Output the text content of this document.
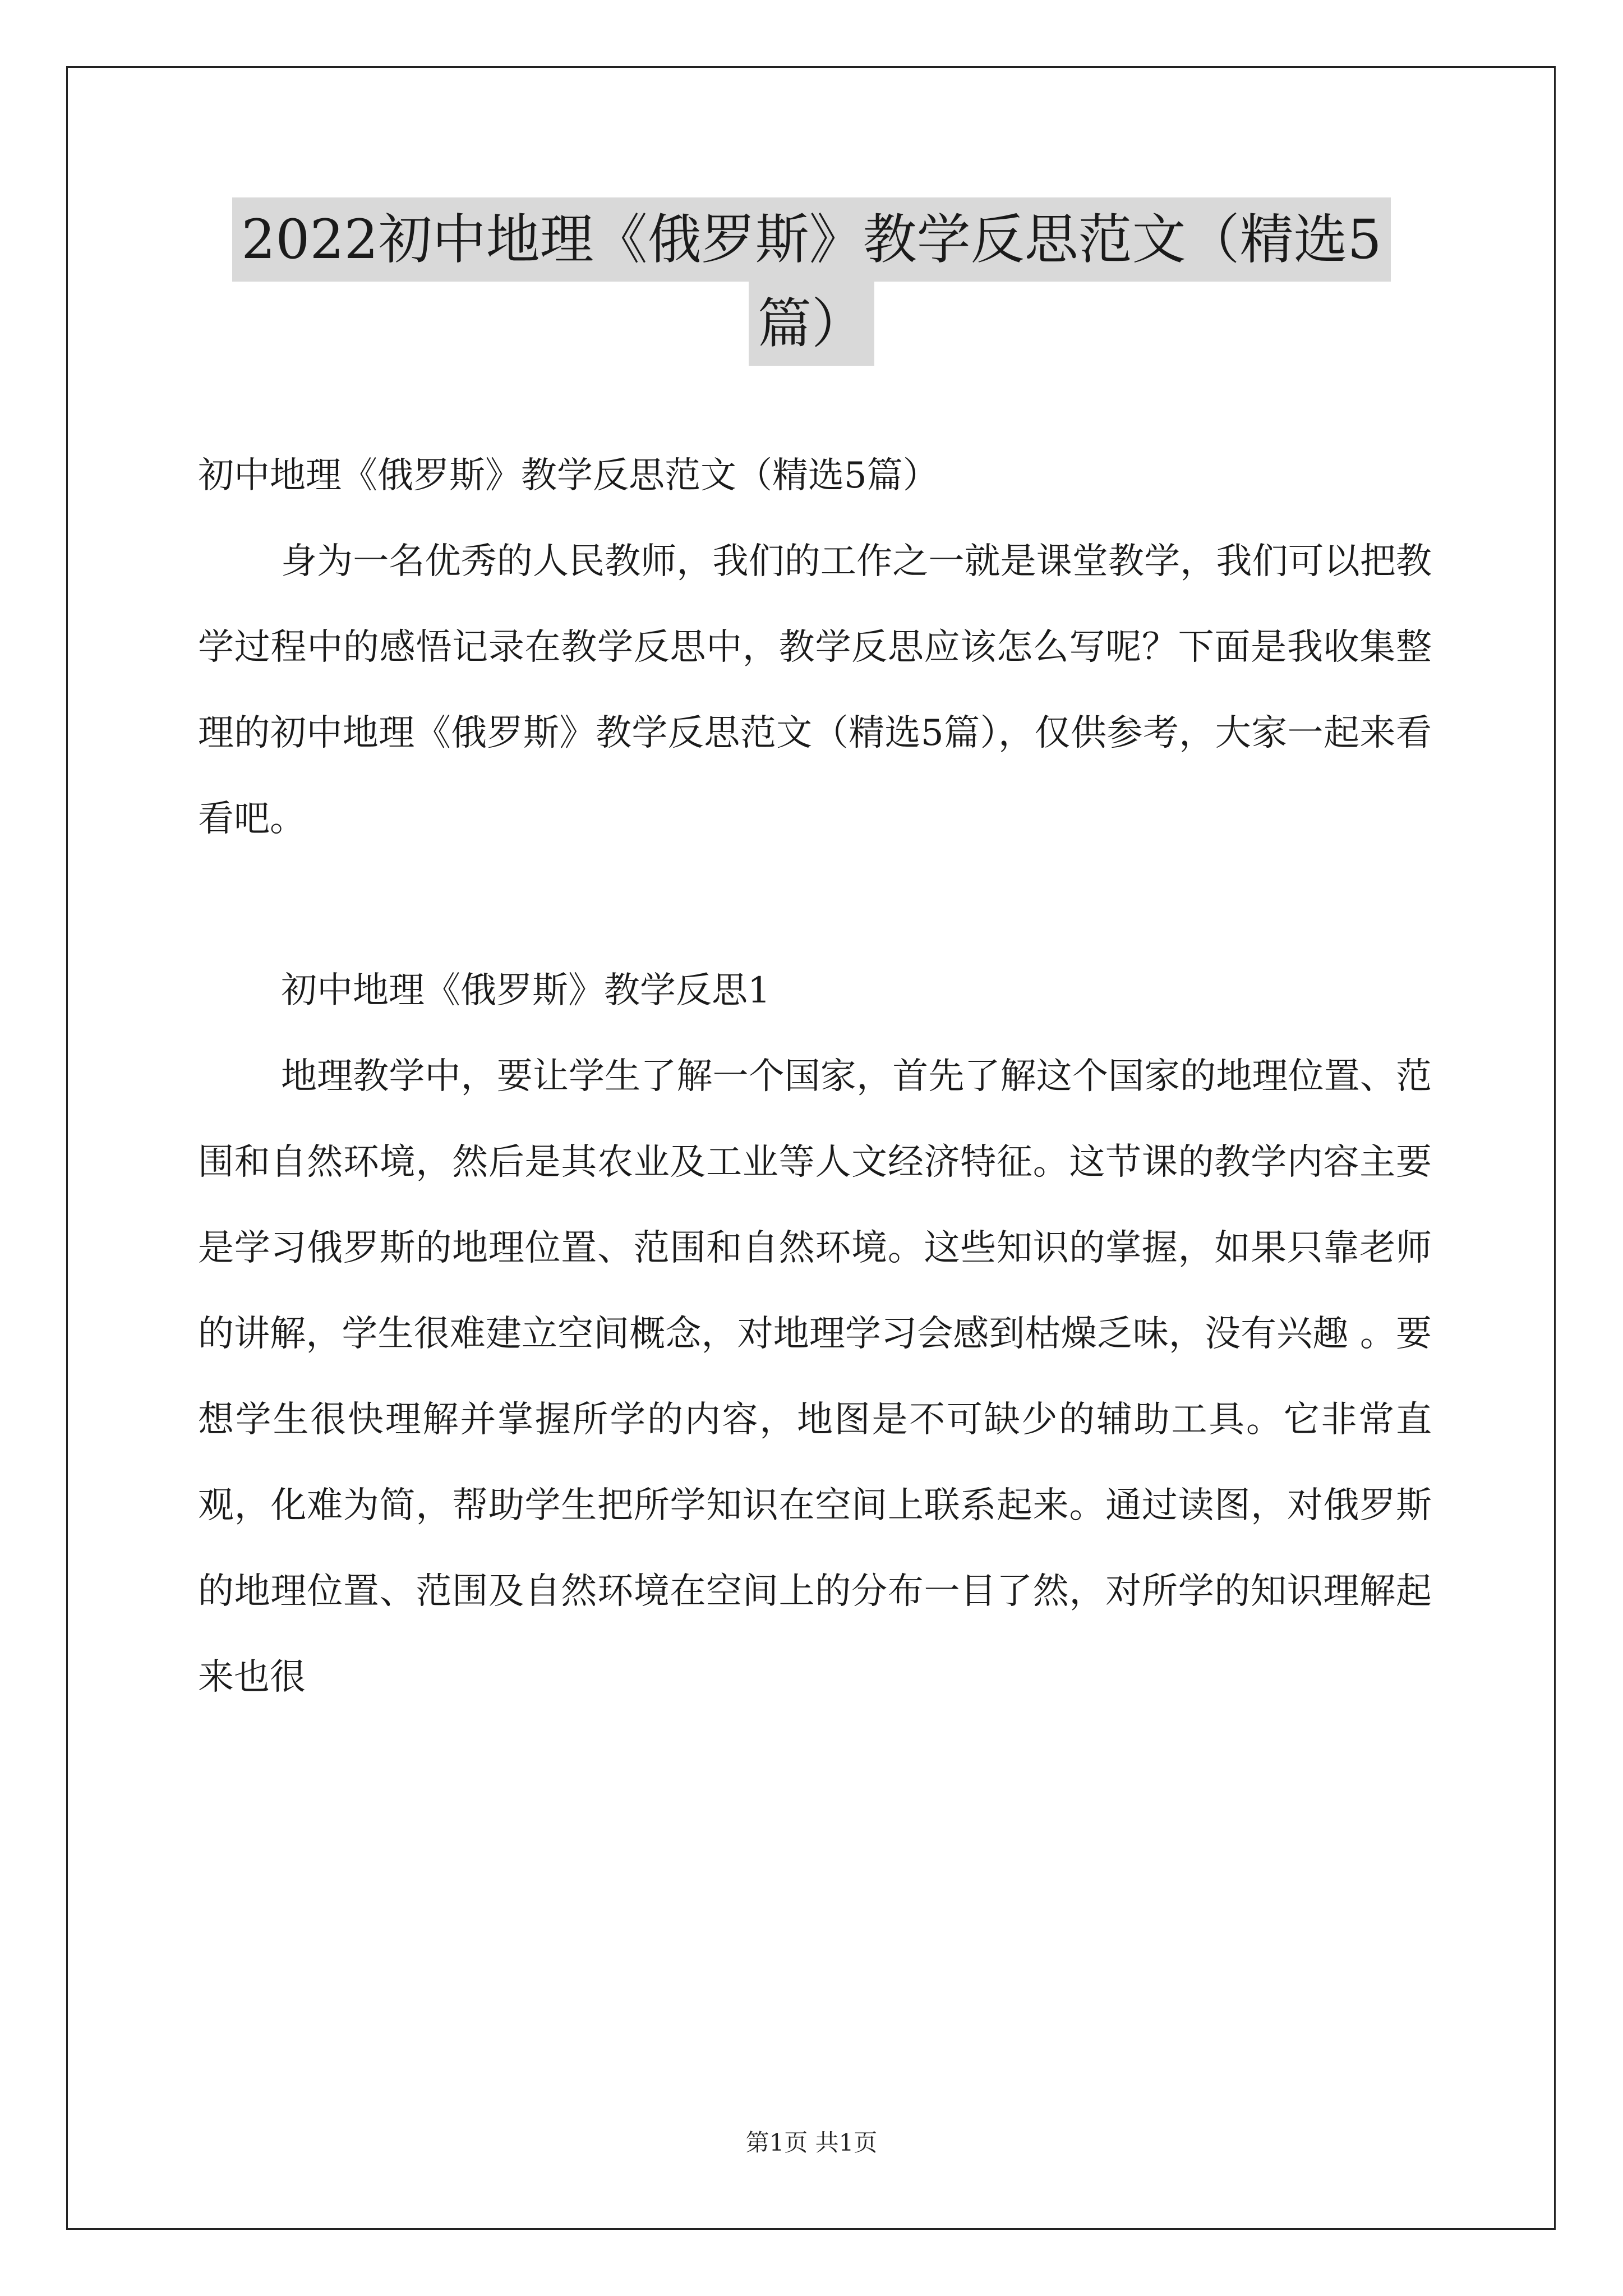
2022初中地理《俄罗斯》教学反思范文（精选5
篇）

初中地理《俄罗斯》教学反思范文（精选5篇）

身为一名优秀的人民教师，我们的工作之一就是课堂教学，我们可以把教学过程中的感悟记录在教学反思中，教学反思应该怎么写呢？下面是我收集整理的初中地理《俄罗斯》教学反思范文（精选5篇），仅供参考，大家一起来看看吧。

初中地理《俄罗斯》教学反思1

地理教学中，要让学生了解一个国家，首先了解这个国家的地理位置、范围和自然环境，然后是其农业及工业等人文经济特征。这节课的教学内容主要是学习俄罗斯的地理位置、范围和自然环境。这些知识的掌握，如果只靠老师的讲解，学生很难建立空间概念，对地理学习会感到枯燥乏味，没有兴趣 。要想学生很快理解并掌握所学的内容，地图是不可缺少的辅助工具。它非常直观，化难为简，帮助学生把所学知识在空间上联系起来。通过读图，对俄罗斯的地理位置、范围及自然环境在空间上的分布一目了然，对所学的知识理解起来也很

第1页 共1页
